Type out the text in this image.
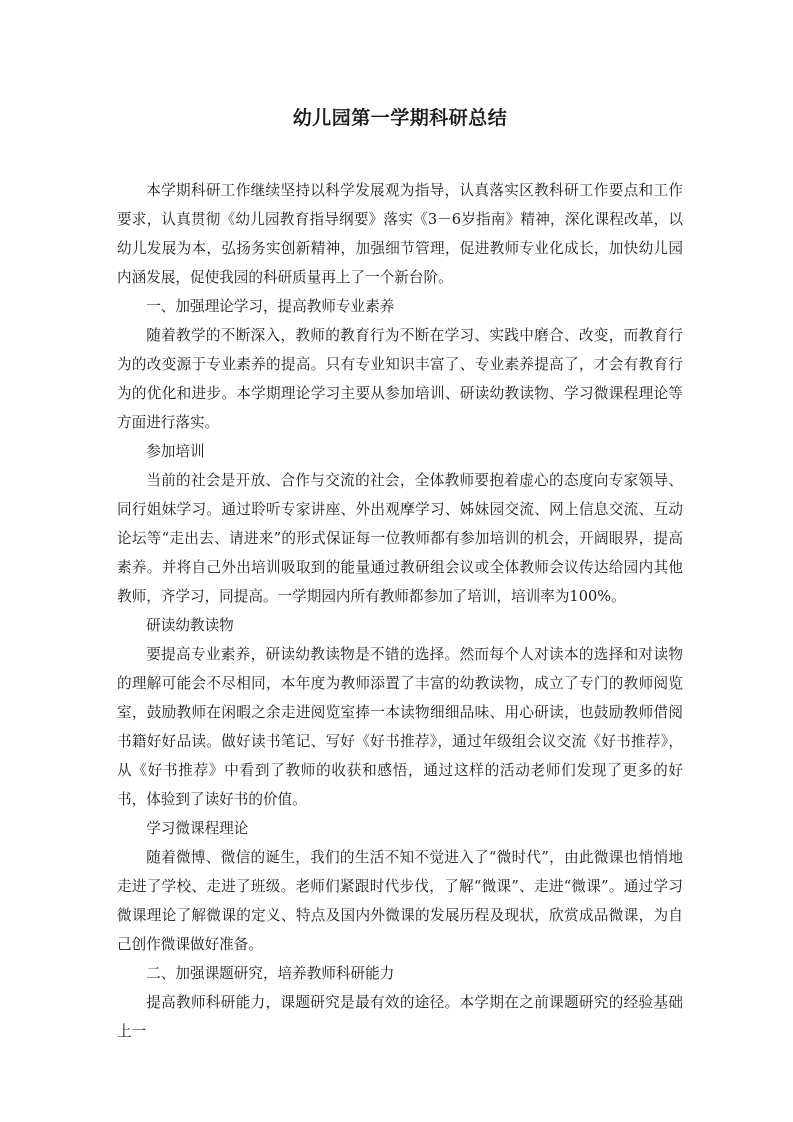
幼儿园第一学期科研总结

本学期科研工作继续坚持以科学发展观为指导，认真落实区教科研工作要点和工作要求，认真贯彻《幼儿园教育指导纲要》落实《3－6岁指南》精神，深化课程改革，以幼儿发展为本，弘扬务实创新精神，加强细节管理，促进教师专业化成长，加快幼儿园内涵发展，促使我园的科研质量再上了一个新台阶。

一、加强理论学习，提高教师专业素养

随着教学的不断深入，教师的教育行为不断在学习、实践中磨合、改变，而教育行为的改变源于专业素养的提高。只有专业知识丰富了、专业素养提高了，才会有教育行为的优化和进步。本学期理论学习主要从参加培训、研读幼教读物、学习微课程理论等方面进行落实。

参加培训

当前的社会是开放、合作与交流的社会，全体教师要抱着虚心的态度向专家领导、同行姐妹学习。通过聆听专家讲座、外出观摩学习、姊妹园交流、网上信息交流、互动论坛等“走出去、请进来”的形式保证每一位教师都有参加培训的机会，开阔眼界，提高素养。并将自己外出培训吸取到的能量通过教研组会议或全体教师会议传达给园内其他教师，齐学习，同提高。一学期园内所有教师都参加了培训，培训率为100%。

研读幼教读物

要提高专业素养，研读幼教读物是不错的选择。然而每个人对读本的选择和对读物的理解可能会不尽相同，本年度为教师添置了丰富的幼教读物，成立了专门的教师阅览室，鼓励教师在闲暇之余走进阅览室捧一本读物细细品味、用心研读，也鼓励教师借阅书籍好好品读。做好读书笔记、写好《好书推荐》，通过年级组会议交流《好书推荐》，从《好书推荐》中看到了教师的收获和感悟，通过这样的活动老师们发现了更多的好书，体验到了读好书的价值。

学习微课程理论

随着微博、微信的诞生，我们的生活不知不觉进入了“微时代”，由此微课也悄悄地走进了学校、走进了班级。老师们紧跟时代步伐，了解“微课”、走进“微课”。通过学习微课理论了解微课的定义、特点及国内外微课的发展历程及现状，欣赏成品微课，为自己创作微课做好准备。

二、加强课题研究，培养教师科研能力

提高教师科研能力，课题研究是最有效的途径。本学期在之前课题研究的经验基础上一
